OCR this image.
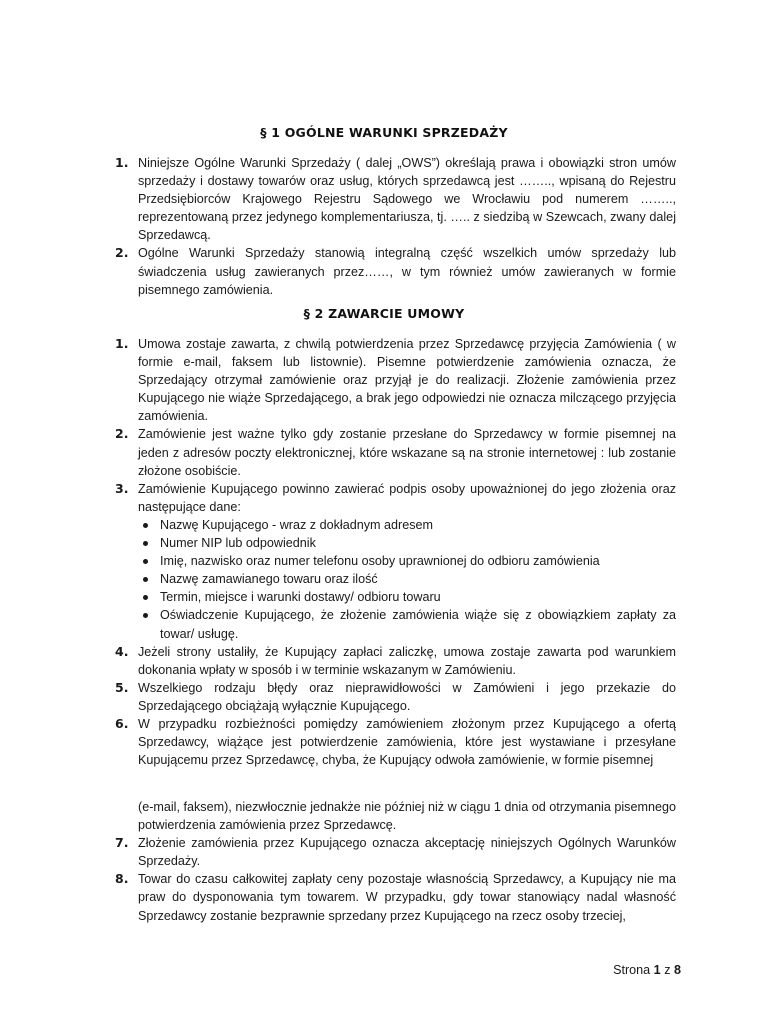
§ 1 OGÓLNE WARUNKI SPRZEDAŻY
1. Niniejsze Ogólne Warunki Sprzedaży ( dalej „OWS”) określają prawa i obowiązki stron umów sprzedaży i dostawy towarów oraz usług, których sprzedawcą jest …….., wpisaną do Rejestru Przedsiębiorców Krajowego Rejestru Sądowego we Wrocławiu pod numerem …….., reprezentowaną przez jedynego komplementariusza, tj. ….. z siedzibą w Szewcach, zwany dalej Sprzedawcą.
2. Ogólne Warunki Sprzedaży stanowią integralną część wszelkich umów sprzedaży lub świadczenia usług zawieranych przez……, w tym również umów zawieranych w formie pisemnego zamówienia.
§ 2 ZAWARCIE UMOWY
1. Umowa zostaje zawarta, z chwilą potwierdzenia przez Sprzedawcę przyjęcia Zamówienia ( w formie e-mail, faksem lub listownie). Pisemne potwierdzenie zamówienia oznacza, że Sprzedający otrzymał zamówienie oraz przyjął je do realizacji. Złożenie zamówienia przez Kupującego nie wiąże Sprzedającego, a brak jego odpowiedzi nie oznacza milczącego przyjęcia zamówienia.
2. Zamówienie jest ważne tylko gdy zostanie przesłane do Sprzedawcy w formie pisemnej na jeden z adresów poczty elektronicznej, które wskazane są na stronie internetowej : lub zostanie złożone osobiście.
3. Zamówienie Kupującego powinno zawierać podpis osoby upoważnionej do jego złożenia oraz następujące dane:
Nazwę Kupującego - wraz z dokładnym adresem
Numer NIP lub odpowiednik
Imię, nazwisko oraz numer telefonu osoby uprawnionej do odbioru zamówienia
Nazwę zamawianego towaru oraz ilość
Termin, miejsce i warunki dostawy/ odbioru towaru
Oświadczenie Kupującego, że złożenie zamówienia wiąże się z obowiązkiem zapłaty za towar/ usługę.
4. Jeżeli strony ustaliły, że Kupujący zapłaci zaliczkę, umowa zostaje zawarta pod warunkiem dokonania wpłaty w sposób i w terminie wskazanym w Zamówieniu.
5. Wszelkiego rodzaju błędy oraz nieprawidłowości w Zamówieni i jego przekazie do Sprzedającego obciążają wyłącznie Kupującego.
6. W przypadku rozbieżności pomiędzy zamówieniem złożonym przez Kupującego a ofertą Sprzedawcy, wiążące jest potwierdzenie zamówienia, które jest wystawiane i przesyłane Kupującemu przez Sprzedawcę, chyba, że Kupujący odwoła zamówienie, w formie pisemnej
(e-mail, faksem), niezwłocznie jednakże nie później niż w ciągu 1 dnia od otrzymania pisemnego potwierdzenia zamówienia przez Sprzedawcę.
7. Złożenie zamówienia przez Kupującego oznacza akceptację niniejszych Ogólnych Warunków Sprzedaży.
8. Towar do czasu całkowitej zapłaty ceny pozostaje własnością Sprzedawcy, a Kupujący nie ma praw do dysponowania tym towarem. W przypadku, gdy towar stanowiący nadal własność Sprzedawcy zostanie bezprawnie sprzedany przez Kupującego na rzecz osoby trzeciej,
Strona 1 z 8
